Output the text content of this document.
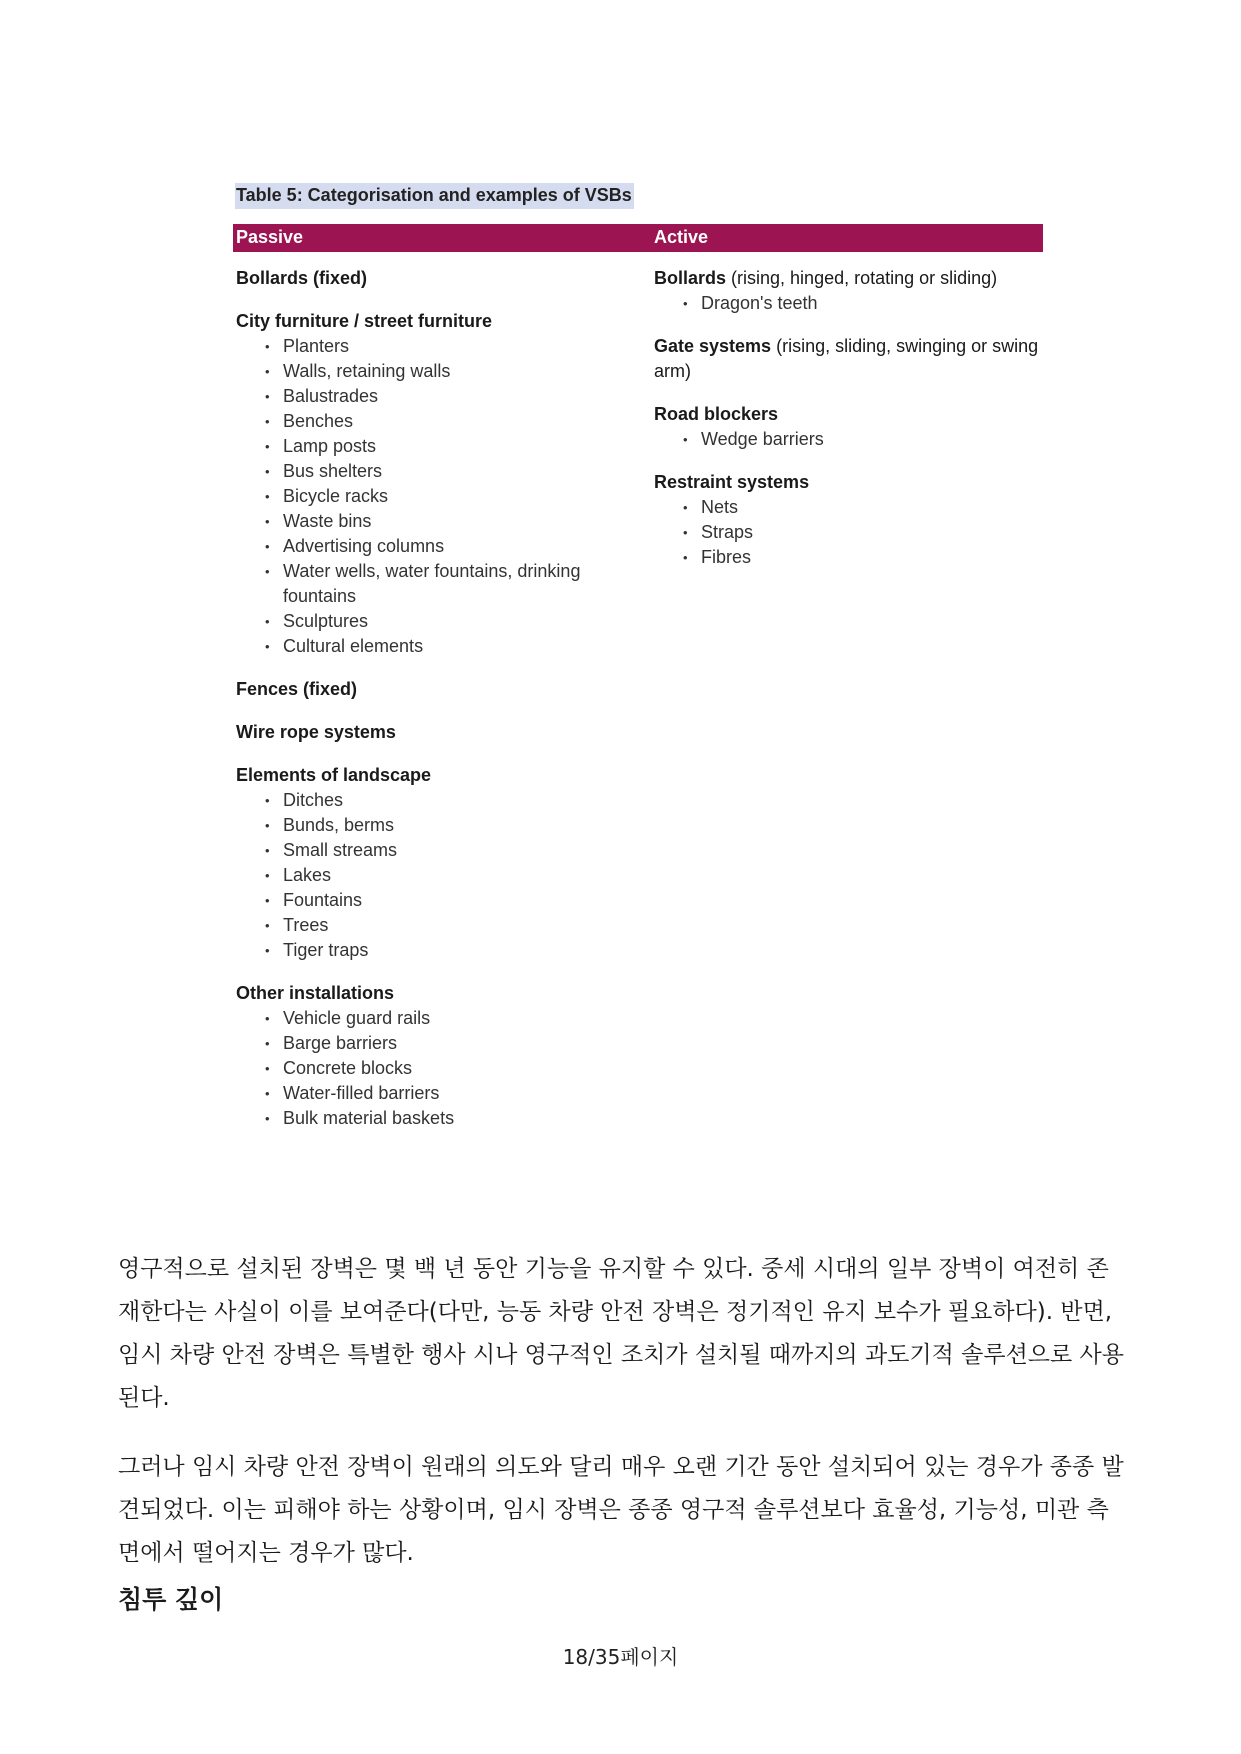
Table 5: Categorisation and examples of VSBs
Passive	Active
Bollards (fixed)
City furniture / street furniture
• Planters
• Walls, retaining walls
• Balustrades
• Benches
• Lamp posts
• Bus shelters
• Bicycle racks
• Waste bins
• Advertising columns
• Water wells, water fountains, drinking fountains
• Sculptures
• Cultural elements
Fences (fixed)
Wire rope systems
Elements of landscape
• Ditches
• Bunds, berms
• Small streams
• Lakes
• Fountains
• Trees
• Tiger traps
Other installations
• Vehicle guard rails
• Barge barriers
• Concrete blocks
• Water-filled barriers
• Bulk material baskets
Bollards (rising, hinged, rotating or sliding)
• Dragon's teeth
Gate systems (rising, sliding, swinging or swing arm)
Road blockers
• Wedge barriers
Restraint systems
• Nets
• Straps
• Fibres

영구적으로 설치된 장벽은 몇 백 년 동안 기능을 유지할 수 있다. 중세 시대의 일부 장벽이 여전히 존재한다는 사실이 이를 보여준다(다만, 능동 차량 안전 장벽은 정기적인 유지 보수가 필요하다). 반면, 임시 차량 안전 장벽은 특별한 행사 시나 영구적인 조치가 설치될 때까지의 과도기적 솔루션으로 사용된다.

그러나 임시 차량 안전 장벽이 원래의 의도와 달리 매우 오랜 기간 동안 설치되어 있는 경우가 종종 발견되었다. 이는 피해야 하는 상황이며, 임시 장벽은 종종 영구적 솔루션보다 효율성, 기능성, 미관 측면에서 떨어지는 경우가 많다.

침투 깊이
18/35페이지
